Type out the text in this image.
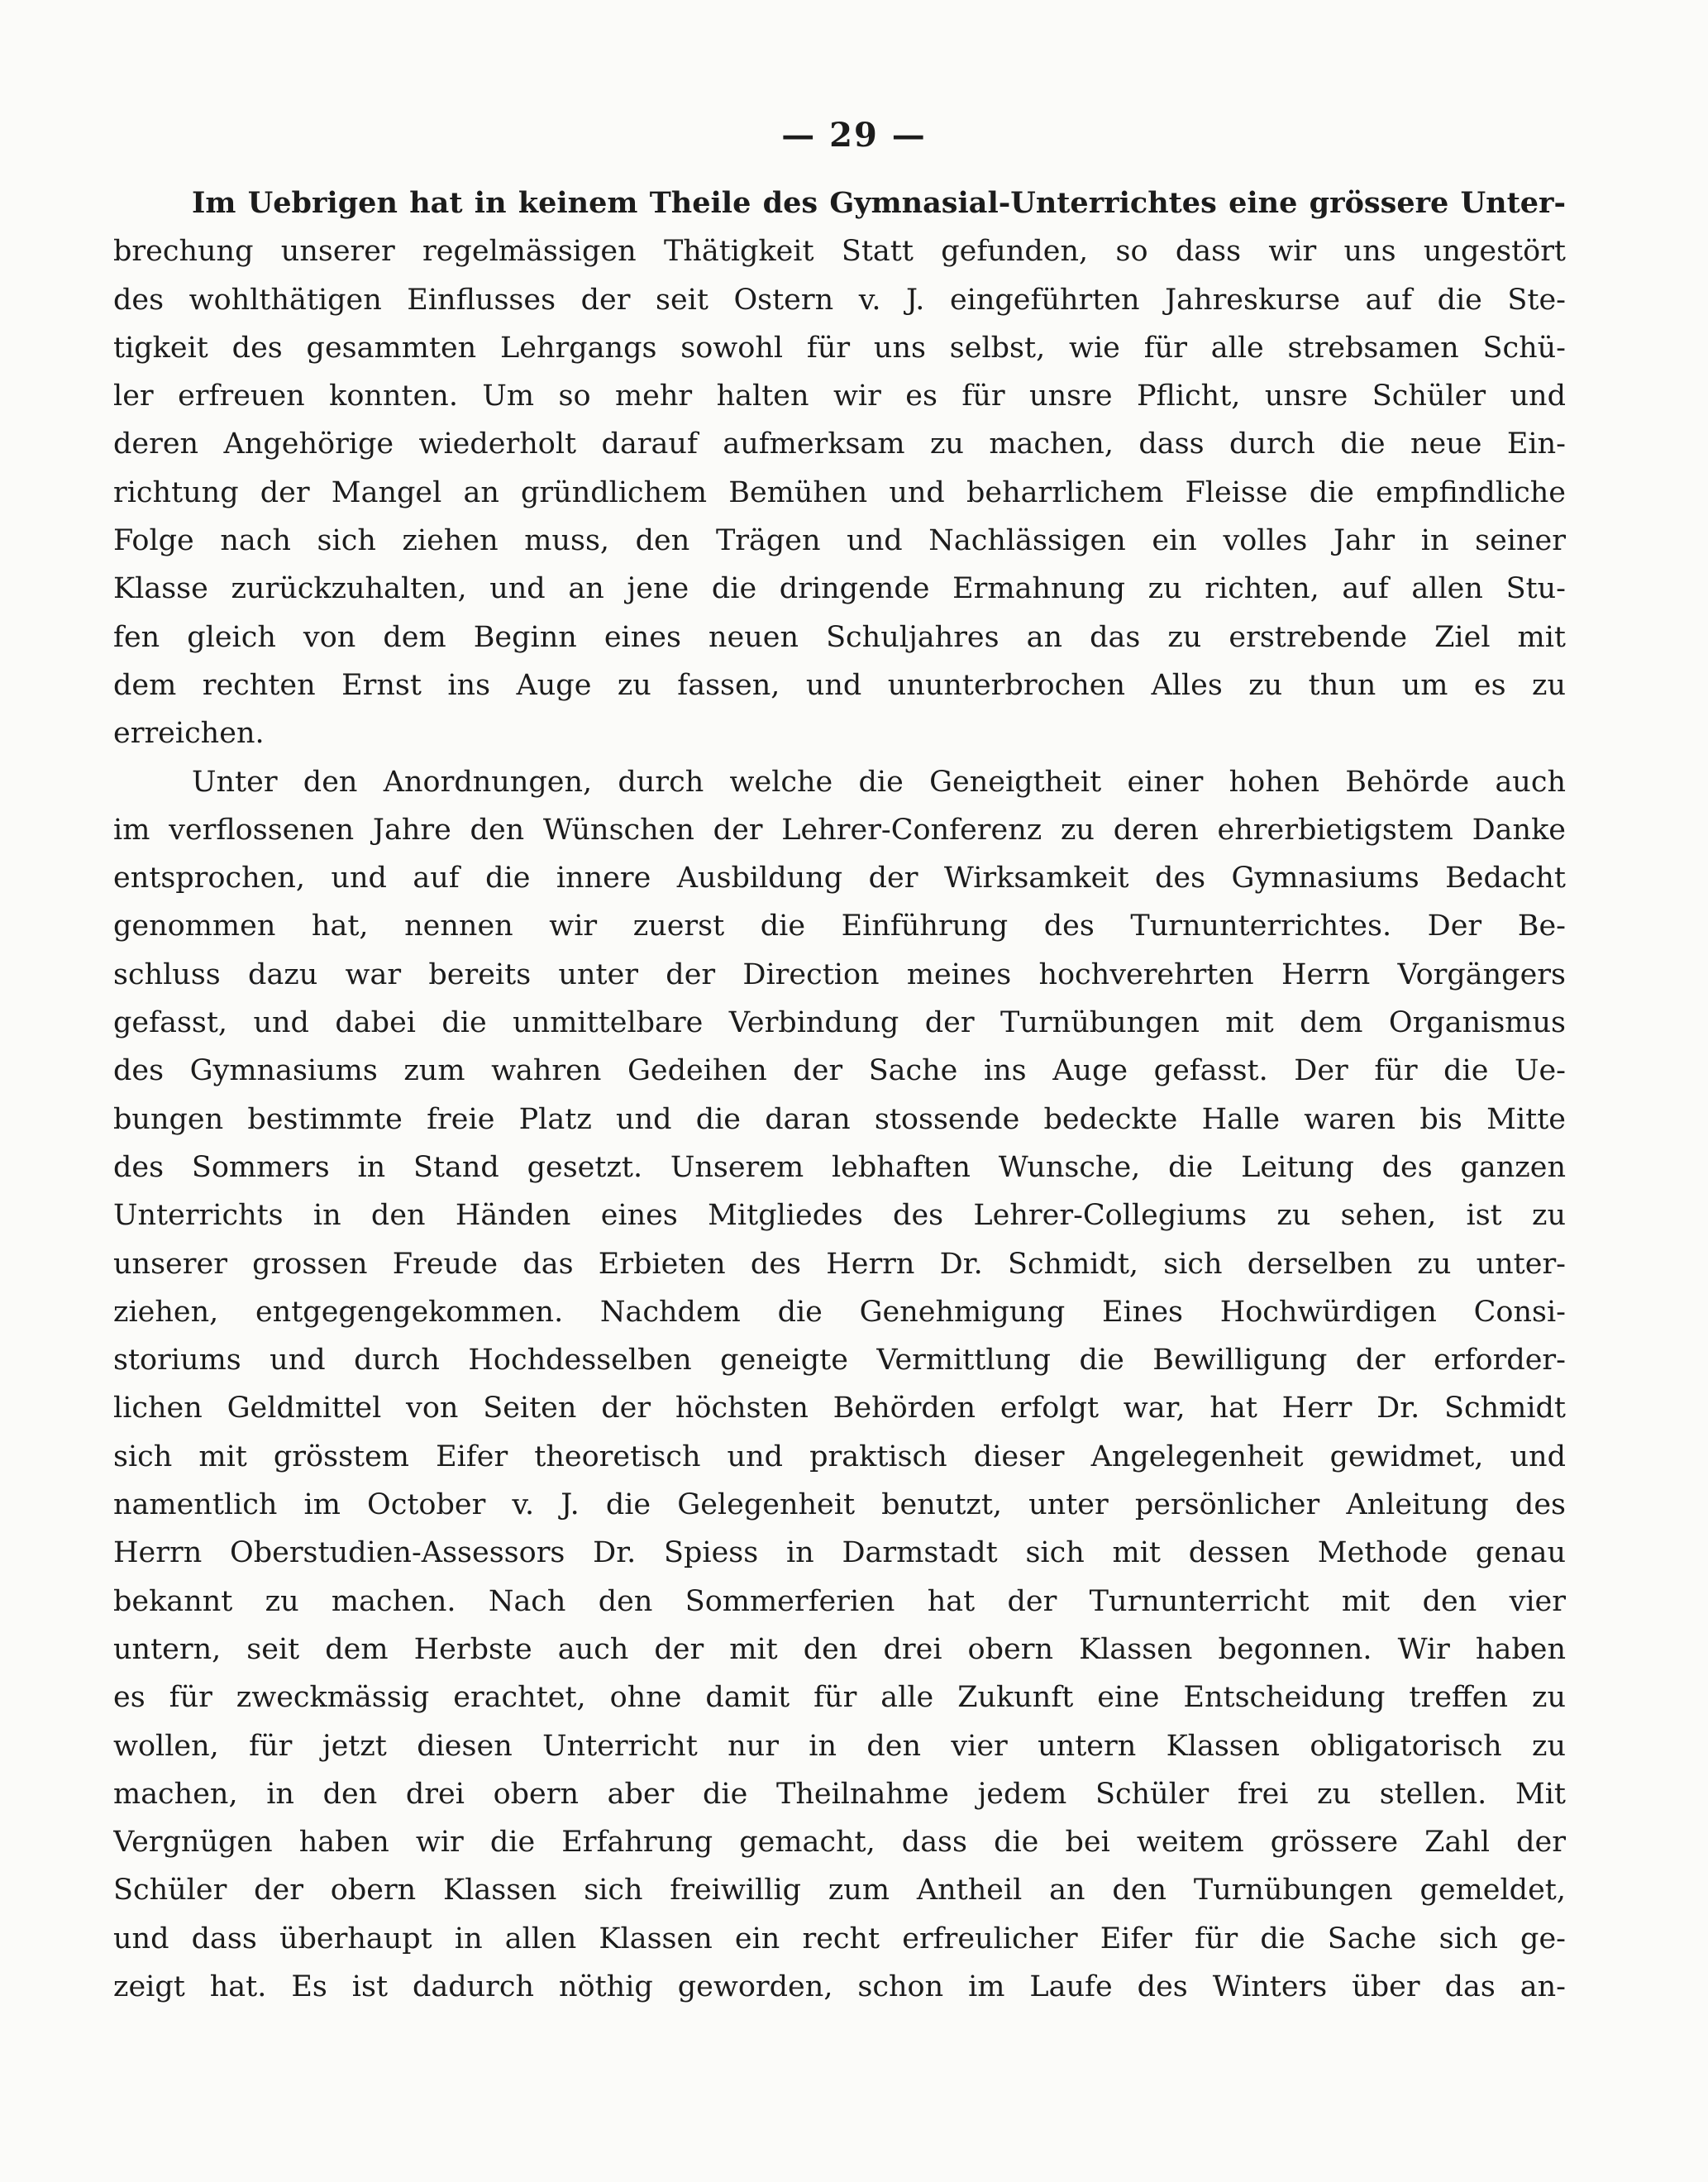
— 29 —
Im Uebrigen hat in keinem Theile des Gymnasial-Unterrichtes eine grössere Unter-
brechung unserer regelmässigen Thätigkeit Statt gefunden, so dass wir uns ungestört
des wohlthätigen Einflusses der seit Ostern v. J. eingeführten Jahreskurse auf die Ste-
tigkeit des gesammten Lehrgangs sowohl für uns selbst, wie für alle strebsamen Schü-
ler erfreuen konnten. Um so mehr halten wir es für unsre Pflicht, unsre Schüler und
deren Angehörige wiederholt darauf aufmerksam zu machen, dass durch die neue Ein-
richtung der Mangel an gründlichem Bemühen und beharrlichem Fleisse die empfindliche
Folge nach sich ziehen muss, den Trägen und Nachlässigen ein volles Jahr in seiner
Klasse zurückzuhalten, und an jene die dringende Ermahnung zu richten, auf allen Stu-
fen gleich von dem Beginn eines neuen Schuljahres an das zu erstrebende Ziel mit
dem rechten Ernst ins Auge zu fassen, und ununterbrochen Alles zu thun um es zu
erreichen.
Unter den Anordnungen, durch welche die Geneigtheit einer hohen Behörde auch
im verflossenen Jahre den Wünschen der Lehrer-Conferenz zu deren ehrerbietigstem Danke
entsprochen, und auf die innere Ausbildung der Wirksamkeit des Gymnasiums Bedacht
genommen hat, nennen wir zuerst die Einführung des Turnunterrichtes. Der Be-
schluss dazu war bereits unter der Direction meines hochverehrten Herrn Vorgängers
gefasst, und dabei die unmittelbare Verbindung der Turnübungen mit dem Organismus
des Gymnasiums zum wahren Gedeihen der Sache ins Auge gefasst. Der für die Ue-
bungen bestimmte freie Platz und die daran stossende bedeckte Halle waren bis Mitte
des Sommers in Stand gesetzt. Unserem lebhaften Wunsche, die Leitung des ganzen
Unterrichts in den Händen eines Mitgliedes des Lehrer-Collegiums zu sehen, ist zu
unserer grossen Freude das Erbieten des Herrn Dr. Schmidt, sich derselben zu unter-
ziehen, entgegengekommen. Nachdem die Genehmigung Eines Hochwürdigen Consi-
storiums und durch Hochdesselben geneigte Vermittlung die Bewilligung der erforder-
lichen Geldmittel von Seiten der höchsten Behörden erfolgt war, hat Herr Dr. Schmidt
sich mit grösstem Eifer theoretisch und praktisch dieser Angelegenheit gewidmet, und
namentlich im October v. J. die Gelegenheit benutzt, unter persönlicher Anleitung des
Herrn Oberstudien-Assessors Dr. Spiess in Darmstadt sich mit dessen Methode genau
bekannt zu machen. Nach den Sommerferien hat der Turnunterricht mit den vier
untern, seit dem Herbste auch der mit den drei obern Klassen begonnen. Wir haben
es für zweckmässig erachtet, ohne damit für alle Zukunft eine Entscheidung treffen zu
wollen, für jetzt diesen Unterricht nur in den vier untern Klassen obligatorisch zu
machen, in den drei obern aber die Theilnahme jedem Schüler frei zu stellen. Mit
Vergnügen haben wir die Erfahrung gemacht, dass die bei weitem grössere Zahl der
Schüler der obern Klassen sich freiwillig zum Antheil an den Turnübungen gemeldet,
und dass überhaupt in allen Klassen ein recht erfreulicher Eifer für die Sache sich ge-
zeigt hat. Es ist dadurch nöthig geworden, schon im Laufe des Winters über das an-
